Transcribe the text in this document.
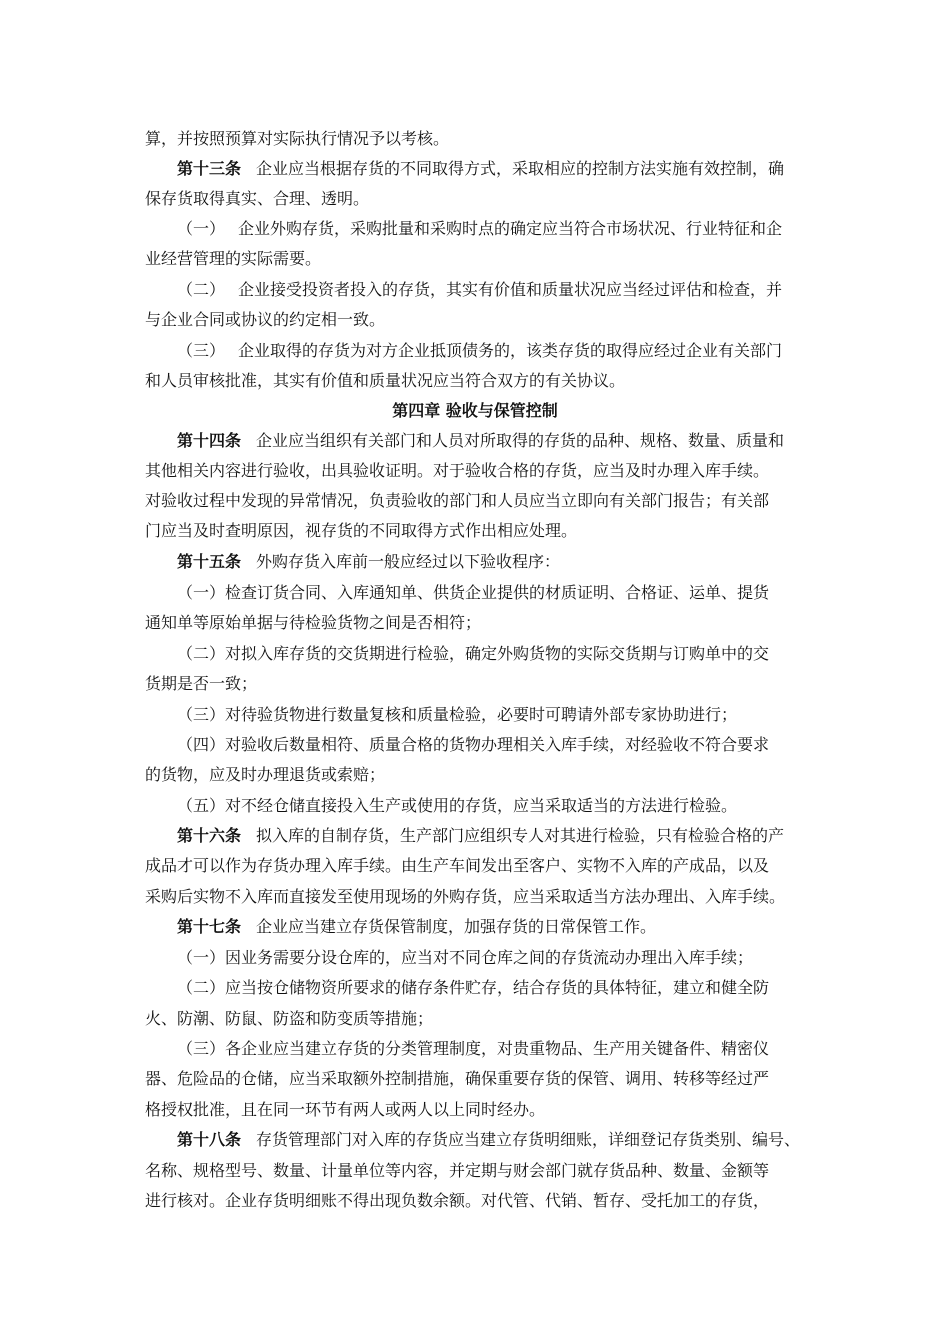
算，并按照预算对实际执行情况予以考核。
第十三条 企业应当根据存货的不同取得方式，采取相应的控制方法实施有效控制，确
保存货取得真实、合理、透明。
（一） 企业外购存货，采购批量和采购时点的确定应当符合市场状况、行业特征和企
业经营管理的实际需要。
（二） 企业接受投资者投入的存货，其实有价值和质量状况应当经过评估和检查，并
与企业合同或协议的约定相一致。
（三） 企业取得的存货为对方企业抵顶债务的，该类存货的取得应经过企业有关部门
和人员审核批准，其实有价值和质量状况应当符合双方的有关协议。
第四章 验收与保管控制
第十四条 企业应当组织有关部门和人员对所取得的存货的品种、规格、数量、质量和
其他相关内容进行验收，出具验收证明。对于验收合格的存货，应当及时办理入库手续。
对验收过程中发现的异常情况，负责验收的部门和人员应当立即向有关部门报告；有关部
门应当及时查明原因，视存货的不同取得方式作出相应处理。
第十五条 外购存货入库前一般应经过以下验收程序：
（一）检查订货合同、入库通知单、供货企业提供的材质证明、合格证、运单、提货
通知单等原始单据与待检验货物之间是否相符；
（二）对拟入库存货的交货期进行检验，确定外购货物的实际交货期与订购单中的交
货期是否一致；
（三）对待验货物进行数量复核和质量检验，必要时可聘请外部专家协助进行；
（四）对验收后数量相符、质量合格的货物办理相关入库手续，对经验收不符合要求
的货物，应及时办理退货或索赔；
（五）对不经仓储直接投入生产或使用的存货，应当采取适当的方法进行检验。
第十六条 拟入库的自制存货，生产部门应组织专人对其进行检验，只有检验合格的产
成品才可以作为存货办理入库手续。由生产车间发出至客户、实物不入库的产成品，以及
采购后实物不入库而直接发至使用现场的外购存货，应当采取适当方法办理出、入库手续。
第十七条 企业应当建立存货保管制度，加强存货的日常保管工作。
（一）因业务需要分设仓库的，应当对不同仓库之间的存货流动办理出入库手续；
（二）应当按仓储物资所要求的储存条件贮存，结合存货的具体特征，建立和健全防
火、防潮、防鼠、防盗和防变质等措施；
（三）各企业应当建立存货的分类管理制度，对贵重物品、生产用关键备件、精密仪
器、危险品的仓储，应当采取额外控制措施，确保重要存货的保管、调用、转移等经过严
格授权批准，且在同一环节有两人或两人以上同时经办。
第十八条 存货管理部门对入库的存货应当建立存货明细账，详细登记存货类别、编号、
名称、规格型号、数量、计量单位等内容，并定期与财会部门就存货品种、数量、金额等
进行核对。企业存货明细账不得出现负数余额。对代管、代销、暂存、受托加工的存货，
